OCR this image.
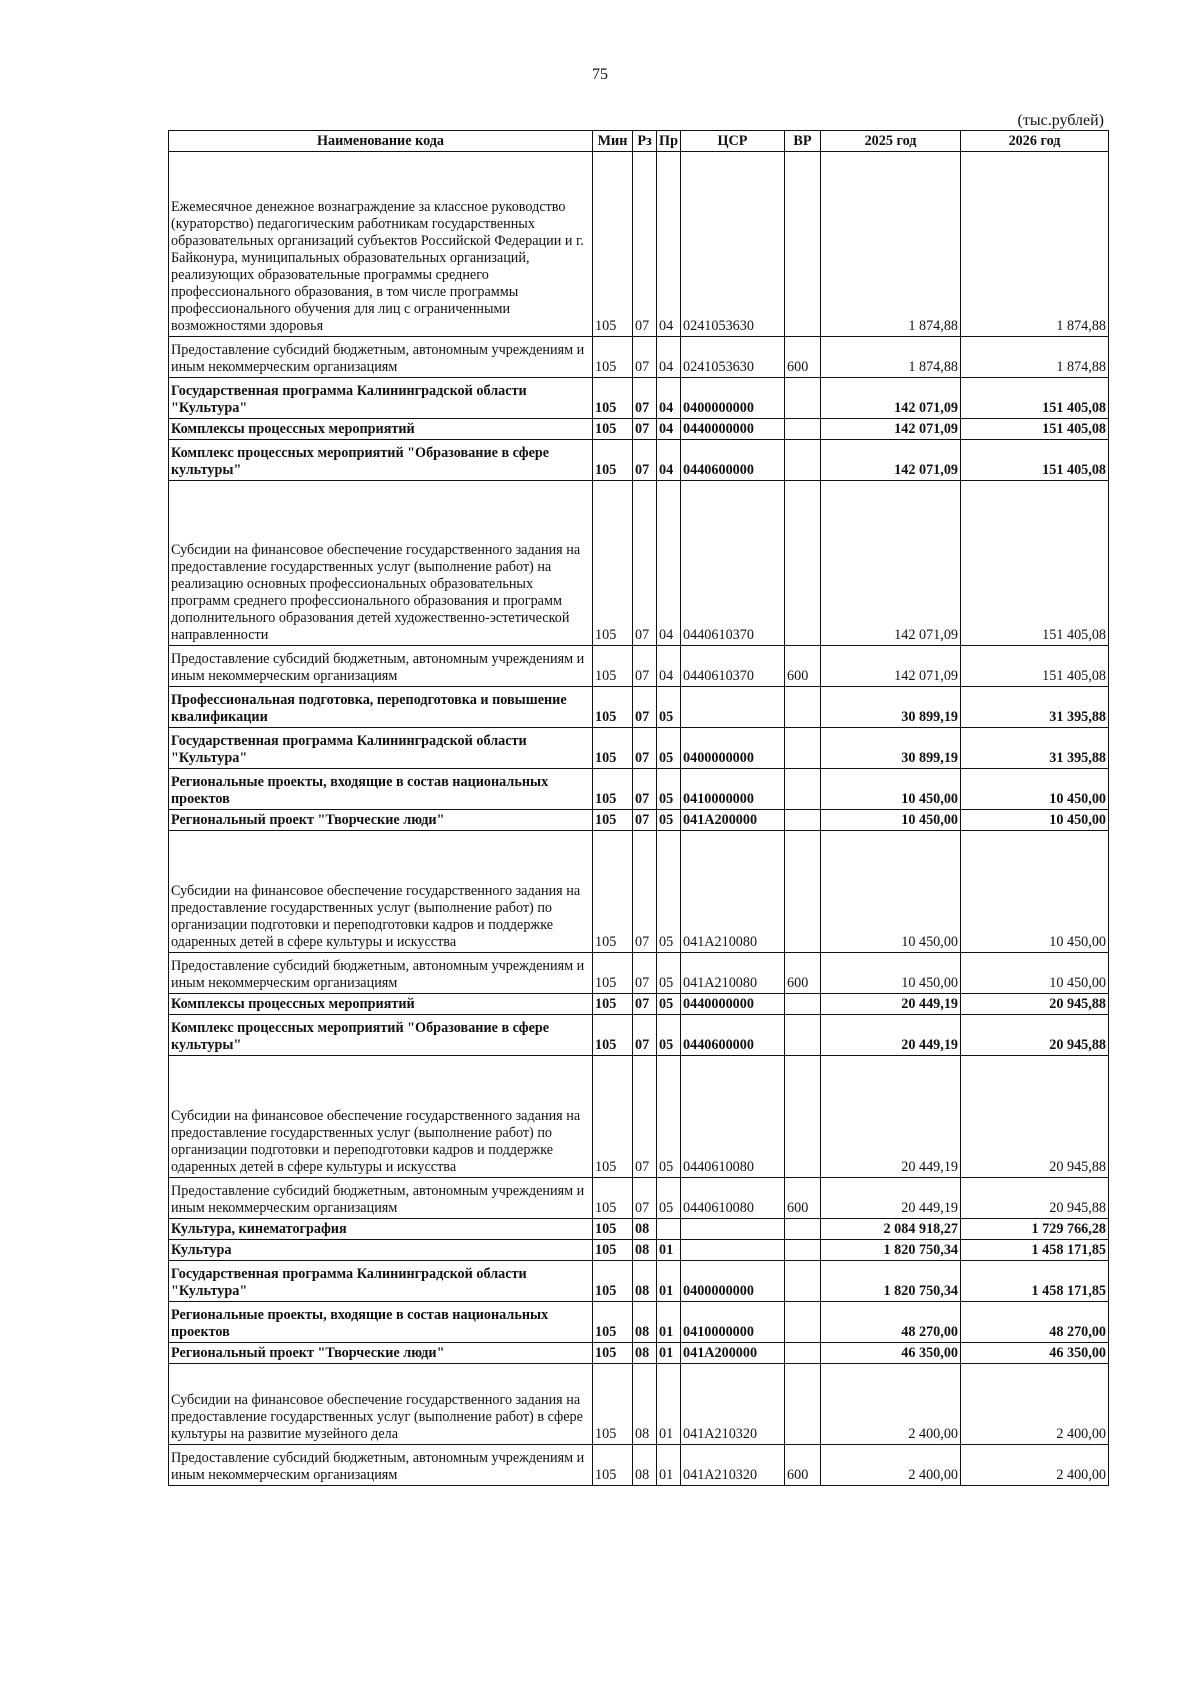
75
(тыс.рублей)
Наименование кода	Мин	Рз	Пр	ЦСР	ВР	2025 год	2026 год
Ежемесячное денежное вознаграждение за классное руководство (кураторство) педагогическим работникам государственных образовательных организаций субъектов Российской Федерации и г. Байконура, муниципальных образовательных организаций, реализующих образовательные программы среднего профессионального образования, в том числе программы профессионального обучения для лиц с ограниченными возможностями здоровья	105	07	04	0241053630		1 874,88	1 874,88
Предоставление субсидий бюджетным, автономным учреждениям и иным некоммерческим организациям	105	07	04	0241053630	600	1 874,88	1 874,88
Государственная программа Калининградской области "Культура"	105	07	04	0400000000		142 071,09	151 405,08
Комплексы процессных мероприятий	105	07	04	0440000000		142 071,09	151 405,08
Комплекс процессных мероприятий "Образование в сфере культуры"	105	07	04	0440600000		142 071,09	151 405,08
Субсидии на финансовое обеспечение государственного задания на предоставление государственных услуг (выполнение работ) на реализацию основных профессиональных образовательных программ среднего профессионального образования и программ дополнительного образования детей художественно-эстетической направленности	105	07	04	0440610370		142 071,09	151 405,08
Предоставление субсидий бюджетным, автономным учреждениям и иным некоммерческим организациям	105	07	04	0440610370	600	142 071,09	151 405,08
Профессиональная подготовка, переподготовка и повышение квалификации	105	07	05			30 899,19	31 395,88
Государственная программа Калининградской области "Культура"	105	07	05	0400000000		30 899,19	31 395,88
Региональные проекты, входящие в состав национальных проектов	105	07	05	0410000000		10 450,00	10 450,00
Региональный проект "Творческие люди"	105	07	05	041А200000		10 450,00	10 450,00
Субсидии на финансовое обеспечение государственного задания на предоставление государственных услуг (выполнение работ) по организации подготовки и переподготовки кадров и поддержке одаренных детей в сфере культуры и искусства	105	07	05	041А210080		10 450,00	10 450,00
Предоставление субсидий бюджетным, автономным учреждениям и иным некоммерческим организациям	105	07	05	041А210080	600	10 450,00	10 450,00
Комплексы процессных мероприятий	105	07	05	0440000000		20 449,19	20 945,88
Комплекс процессных мероприятий "Образование в сфере культуры"	105	07	05	0440600000		20 449,19	20 945,88
Субсидии на финансовое обеспечение государственного задания на предоставление государственных услуг (выполнение работ) по организации подготовки и переподготовки кадров и поддержке одаренных детей в сфере культуры и искусства	105	07	05	0440610080		20 449,19	20 945,88
Предоставление субсидий бюджетным, автономным учреждениям и иным некоммерческим организациям	105	07	05	0440610080	600	20 449,19	20 945,88
Культура, кинематография	105	08				2 084 918,27	1 729 766,28
Культура	105	08	01			1 820 750,34	1 458 171,85
Государственная программа Калининградской области "Культура"	105	08	01	0400000000		1 820 750,34	1 458 171,85
Региональные проекты, входящие в состав национальных проектов	105	08	01	0410000000		48 270,00	48 270,00
Региональный проект "Творческие люди"	105	08	01	041А200000		46 350,00	46 350,00
Субсидии на финансовое обеспечение государственного задания на предоставление государственных услуг (выполнение работ) в сфере культуры на развитие музейного дела	105	08	01	041А210320		2 400,00	2 400,00
Предоставление субсидий бюджетным, автономным учреждениям и иным некоммерческим организациям	105	08	01	041А210320	600	2 400,00	2 400,00
